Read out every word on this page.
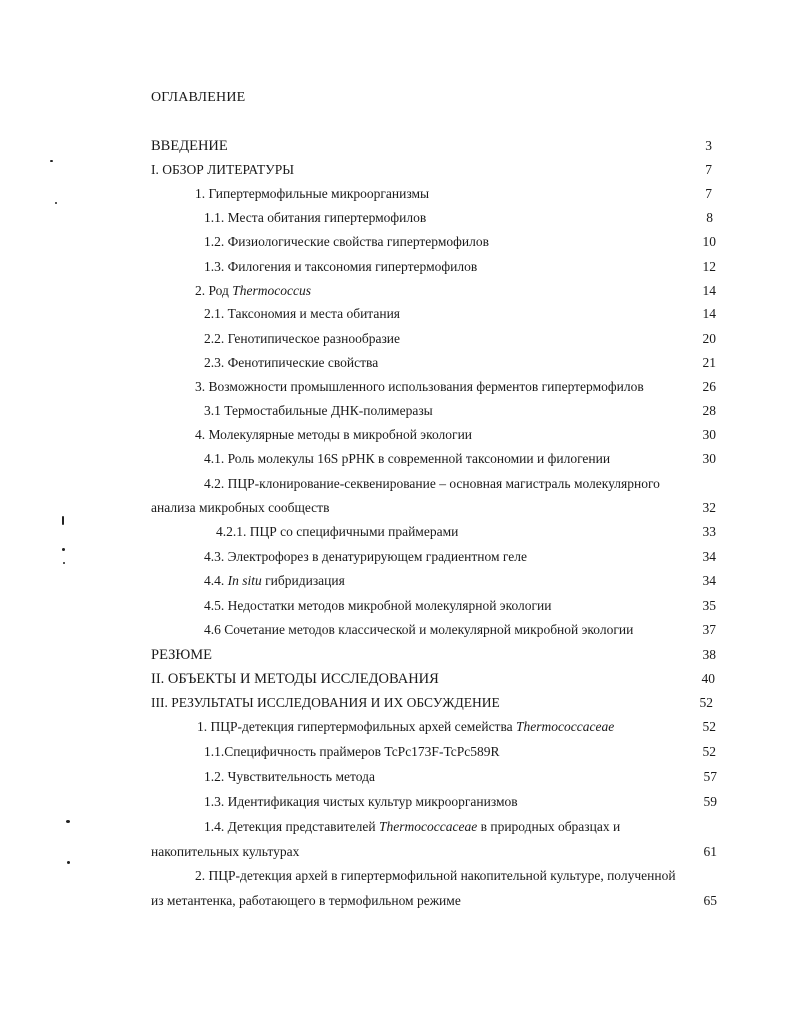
ОГЛАВЛЕНИЕ
ВВЕДЕНИЕ	3
I. ОБЗОР ЛИТЕРАТУРЫ	7
1. Гипертермофильные микроорганизмы	7
1.1. Места обитания гипертермофилов	8
1.2. Физиологические свойства гипертермофилов	10
1.3. Филогения и таксономия гипертермофилов	12
2. Род Thermococcus	14
2.1. Таксономия и места обитания	14
2.2. Генотипическое разнообразие	20
2.3. Фенотипические свойства	21
3. Возможности промышленного использования ферментов гипертермофилов	26
3.1 Термостабильные ДНК-полимеразы	28
4. Молекулярные методы в микробной экологии	30
4.1. Роль молекулы 16S рРНК в современной таксономии и филогении	30
4.2. ПЦР-клонирование-секвенирование – основная магистраль молекулярного
анализа микробных сообществ	32
4.2.1. ПЦР со специфичными праймерами	33
4.3. Электрофорез в денатурирующем градиентном геле	34
4.4. In situ гибридизация	34
4.5. Недостатки методов микробной молекулярной экологии	35
4.6 Сочетание методов классической и молекулярной микробной экологии	37
РЕЗЮМЕ	38
II. ОБЪЕКТЫ И МЕТОДЫ ИССЛЕДОВАНИЯ	40
III. РЕЗУЛЬТАТЫ ИССЛЕДОВАНИЯ И ИХ ОБСУЖДЕНИЕ	52
1. ПЦР-детекция гипертермофильных архей семейства Thermococcaceae	52
1.1.Специфичность праймеров TcPc173F-TcPc589R	52
1.2. Чувствительность метода	57
1.3. Идентификация чистых культур микроорганизмов	59
1.4. Детекция представителей Thermococcaceae в природных образцах и
накопительных культурах	61
2. ПЦР-детекция архей в гипертермофильной накопительной культуре, полученной
из метантенка, работающего в термофильном режиме	65
